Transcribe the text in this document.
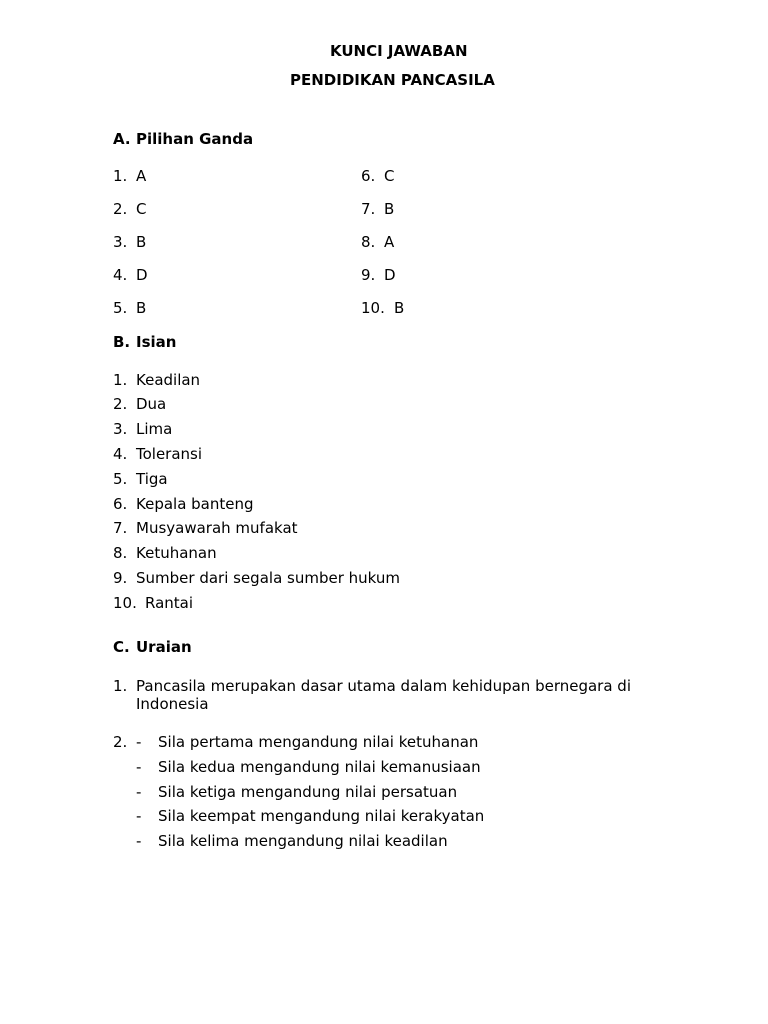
KUNCI JAWABAN
PENDIDIKAN PANCASILA
A. Pilihan Ganda
1. A
2. C
3. B
4. D
5. B
6. C
7. B
8. A
9. D
10. B
B. Isian
1. Keadilan
2. Dua
3. Lima
4. Toleransi
5. Tiga
6. Kepala banteng
7. Musyawarah mufakat
8. Ketuhanan
9. Sumber dari segala sumber hukum
10. Rantai
C. Uraian
1. Pancasila merupakan dasar utama dalam kehidupan bernegara di
Indonesia
2. - Sila pertama mengandung nilai ketuhanan
- Sila kedua mengandung nilai kemanusiaan
- Sila ketiga mengandung nilai persatuan
- Sila keempat mengandung nilai kerakyatan
- Sila kelima mengandung nilai keadilan
